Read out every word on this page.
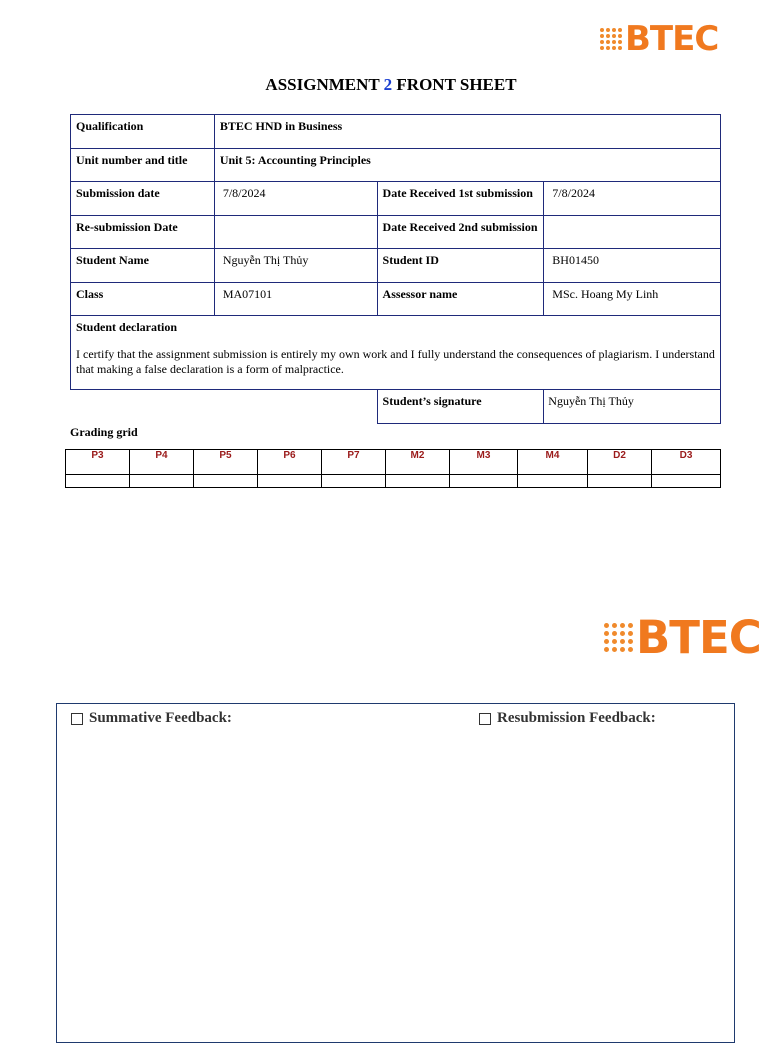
BTEC
ASSIGNMENT 2 FRONT SHEET
Qualification	BTEC HND in Business		
Unit number and title	Unit 5: Accounting Principles		
Submission date	7/8/2024	Date Received 1st submission	7/8/2024
Re-submission Date		Date Received 2nd submission	
Student Name	Nguyễn Thị Thủy	Student ID	BH01450
Class	MA07101	Assessor name	MSc. Hoang My Linh

Student declaration
I certify that the assignment submission is entirely my own work and I fully understand the consequences of plagiarism. I understand that making a false declaration is a form of malpractice.			

		Student’s signature	Nguyễn Thị Thủy
Grading grid
P3	P4	P5	P6	P7	M2	M3	M4	D2	D3

BTEC
Summative Feedback:	Resubmission Feedback:
